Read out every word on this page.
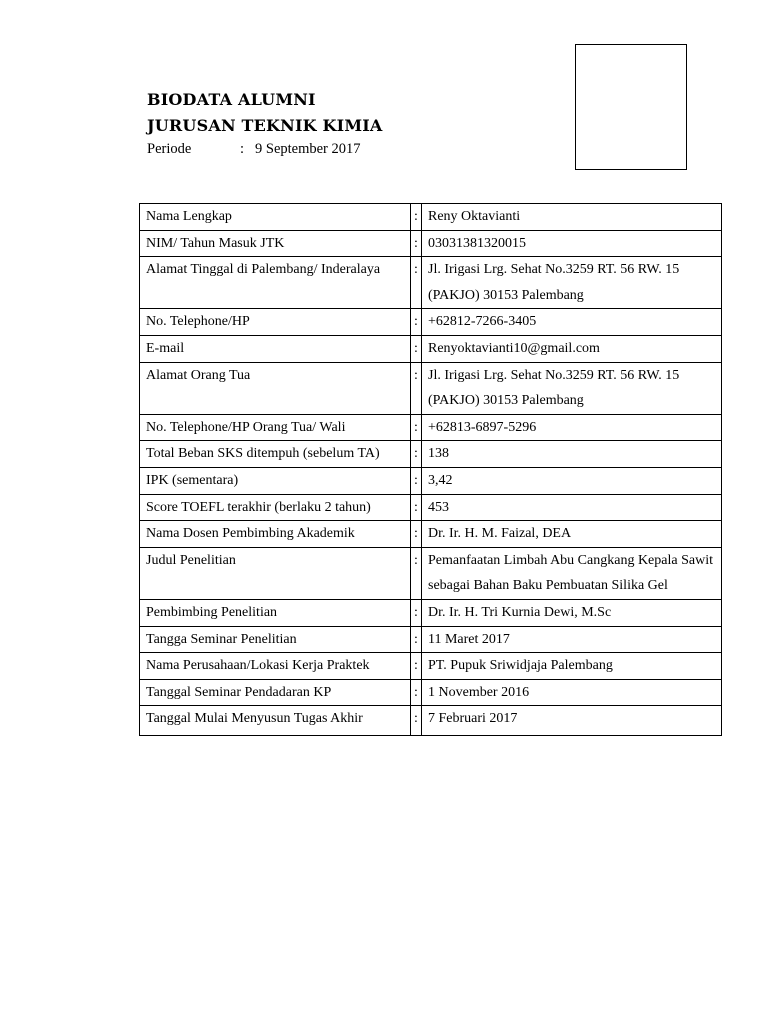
BIODATA ALUMNI
JURUSAN TEKNIK KIMIA
Periode	: 9 September 2017
Nama Lengkap	:	Reny Oktavianti
NIM/ Tahun Masuk JTK	:	03031381320015
Alamat Tinggal di Palembang/ Inderalaya	:	Jl. Irigasi Lrg. Sehat No.3259 RT. 56 RW. 15 (PAKJO) 30153 Palembang
No. Telephone/HP	:	+62812-7266-3405
E-mail	:	Renyoktavianti10@gmail.com
Alamat Orang Tua	:	Jl. Irigasi Lrg. Sehat No.3259 RT. 56 RW. 15 (PAKJO) 30153 Palembang
No. Telephone/HP Orang Tua/ Wali	:	+62813-6897-5296
Total Beban SKS ditempuh (sebelum TA)	:	138
IPK (sementara)	:	3,42
Score TOEFL terakhir (berlaku 2 tahun)	:	453
Nama Dosen Pembimbing Akademik	:	Dr. Ir. H. M. Faizal, DEA
Judul Penelitian	:	Pemanfaatan Limbah Abu Cangkang Kepala Sawit sebagai Bahan Baku Pembuatan Silika Gel
Pembimbing Penelitian	:	Dr. Ir. H. Tri Kurnia Dewi, M.Sc
Tangga Seminar Penelitian	:	11 Maret 2017
Nama Perusahaan/Lokasi Kerja Praktek	:	PT. Pupuk Sriwidjaja Palembang
Tanggal Seminar Pendadaran KP	:	1 November 2016
Tanggal Mulai Menyusun Tugas Akhir	:	7 Februari 2017
